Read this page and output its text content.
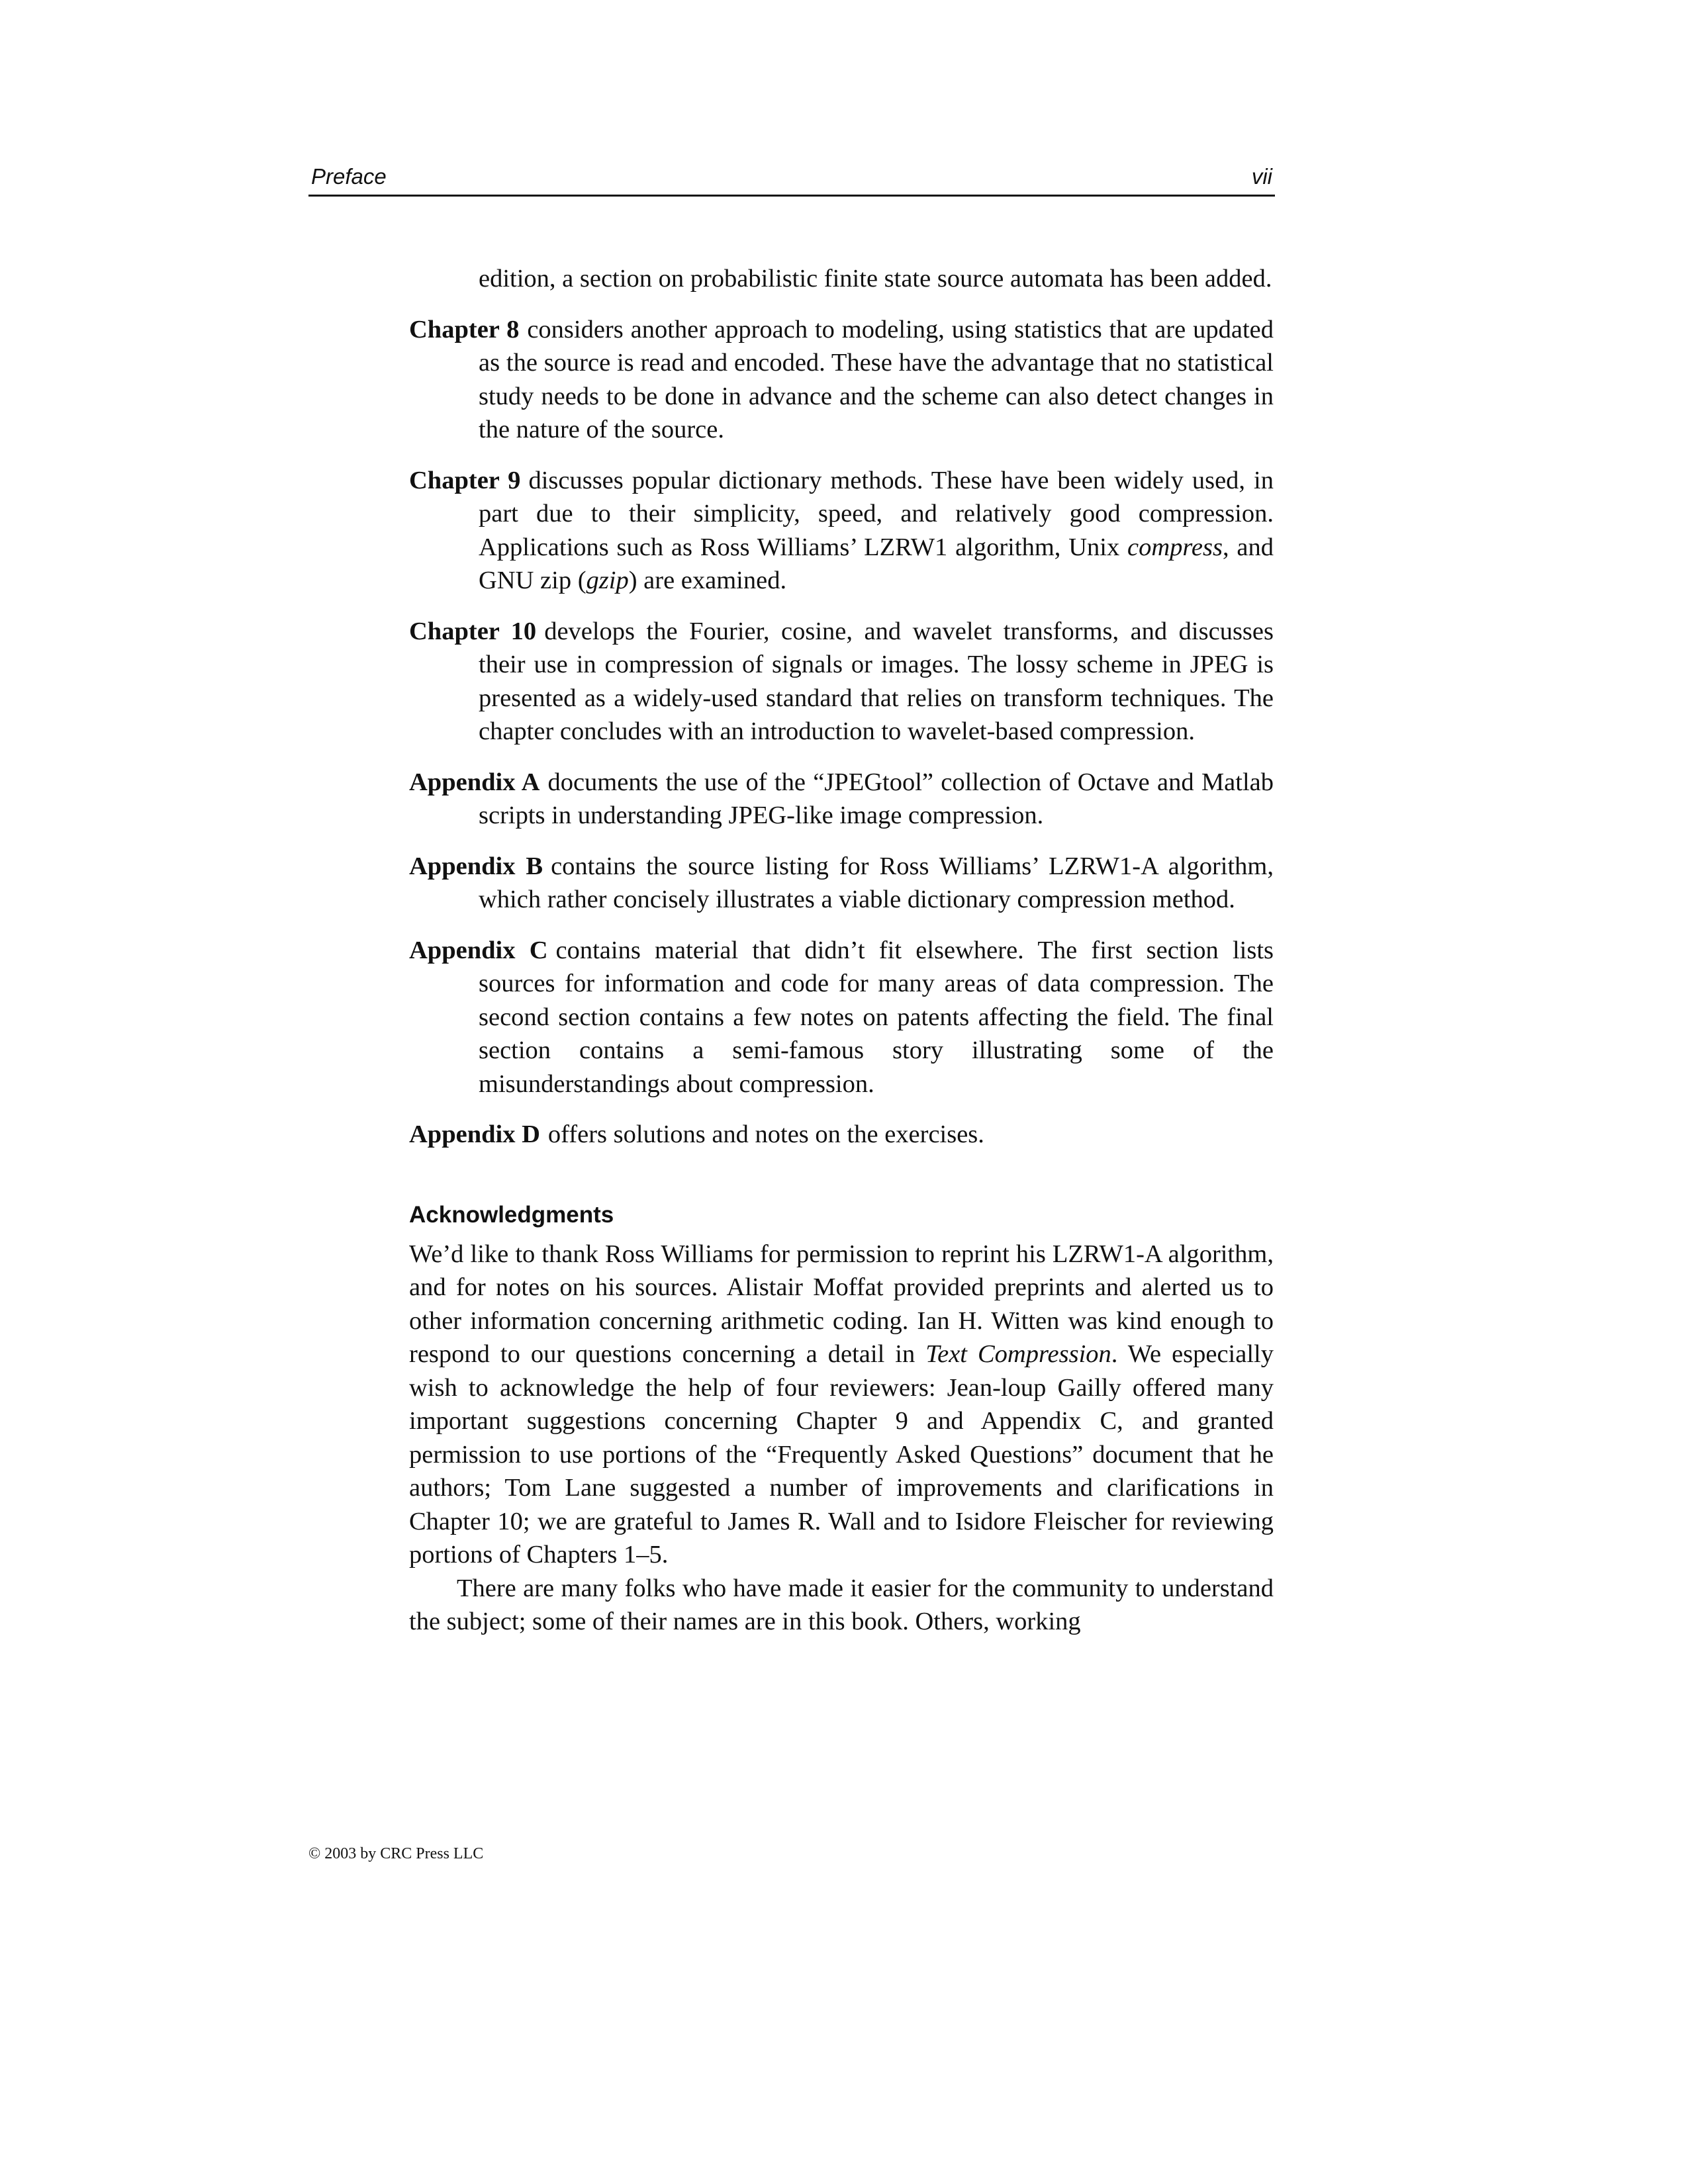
Preface	vii

edition, a section on probabilistic finite state source automata has been added.

Chapter 8 considers another approach to modeling, using statistics that are updated as the source is read and encoded. These have the advantage that no statistical study needs to be done in advance and the scheme can also detect changes in the nature of the source.

Chapter 9 discusses popular dictionary methods. These have been widely used, in part due to their simplicity, speed, and relatively good compression. Applications such as Ross Williams’ LZRW1 algorithm, Unix compress, and GNU zip (gzip) are examined.

Chapter 10 develops the Fourier, cosine, and wavelet transforms, and discusses their use in compression of signals or images. The lossy scheme in JPEG is presented as a widely-used standard that relies on transform techniques. The chapter concludes with an introduction to wavelet-based compression.

Appendix A documents the use of the “JPEGtool” collection of Octave and Matlab scripts in understanding JPEG-like image compression.

Appendix B contains the source listing for Ross Williams’ LZRW1-A algorithm, which rather concisely illustrates a viable dictionary compression method.

Appendix C contains material that didn’t fit elsewhere. The first section lists sources for information and code for many areas of data compression. The second section contains a few notes on patents affecting the field. The final section contains a semi-famous story illustrating some of the misunderstandings about compression.

Appendix D offers solutions and notes on the exercises.

Acknowledgments

We’d like to thank Ross Williams for permission to reprint his LZRW1-A algorithm, and for notes on his sources. Alistair Moffat provided preprints and alerted us to other information concerning arithmetic coding. Ian H. Witten was kind enough to respond to our questions concerning a detail in Text Compression. We especially wish to acknowledge the help of four reviewers: Jean-loup Gailly offered many important suggestions concerning Chapter 9 and Appendix C, and granted permission to use portions of the “Frequently Asked Questions” document that he authors; Tom Lane suggested a number of improvements and clarifications in Chapter 10; we are grateful to James R. Wall and to Isidore Fleischer for reviewing portions of Chapters 1–5.

There are many folks who have made it easier for the community to understand the subject; some of their names are in this book. Others, working

© 2003 by CRC Press LLC
